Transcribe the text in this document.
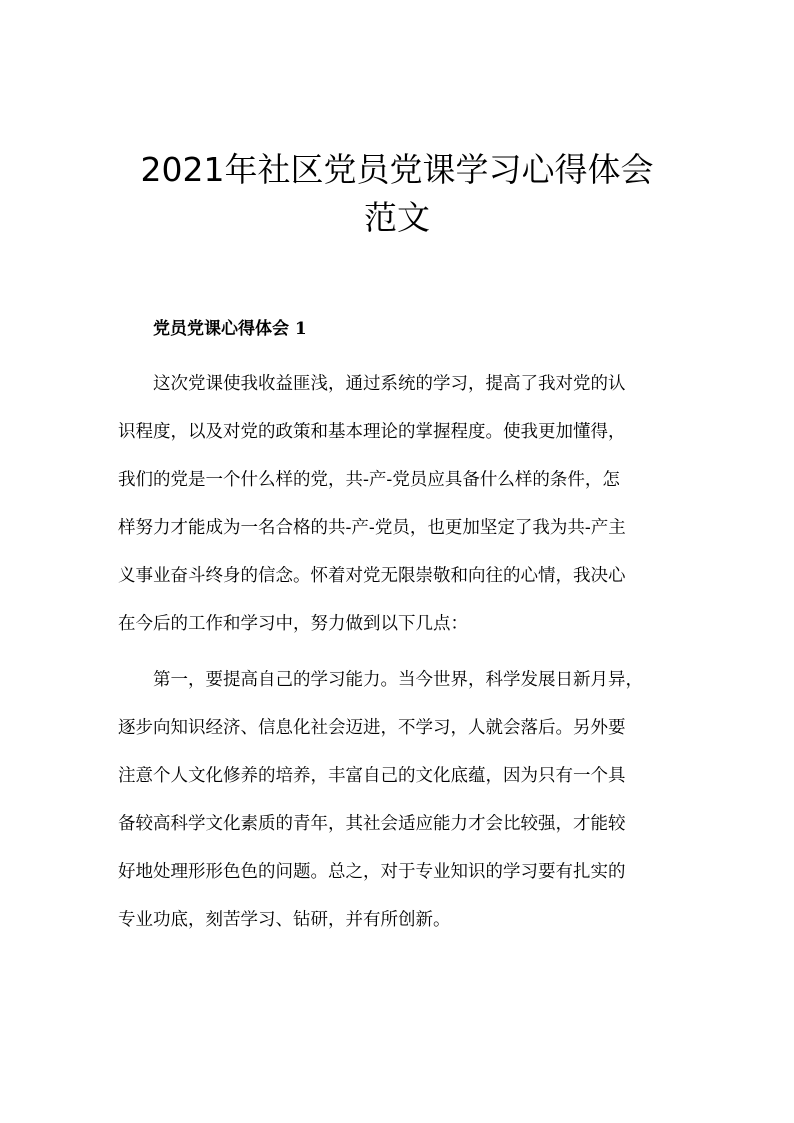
2021年社区党员党课学习心得体会
范文
党员党课心得体会 1
这次党课使我收益匪浅，通过系统的学习，提高了我对党的认
识程度，以及对党的政策和基本理论的掌握程度。使我更加懂得，
我们的党是一个什么样的党，共-产-党员应具备什么样的条件，怎
样努力才能成为一名合格的共-产-党员，也更加坚定了我为共-产主
义事业奋斗终身的信念。怀着对党无限崇敬和向往的心情，我决心
在今后的工作和学习中，努力做到以下几点：
第一，要提高自己的学习能力。当今世界，科学发展日新月异，
逐步向知识经济、信息化社会迈进，不学习，人就会落后。另外要
注意个人文化修养的培养，丰富自己的文化底蕴，因为只有一个具
备较高科学文化素质的青年，其社会适应能力才会比较强，才能较
好地处理形形色色的问题。总之，对于专业知识的学习要有扎实的
专业功底，刻苦学习、钻研，并有所创新。
